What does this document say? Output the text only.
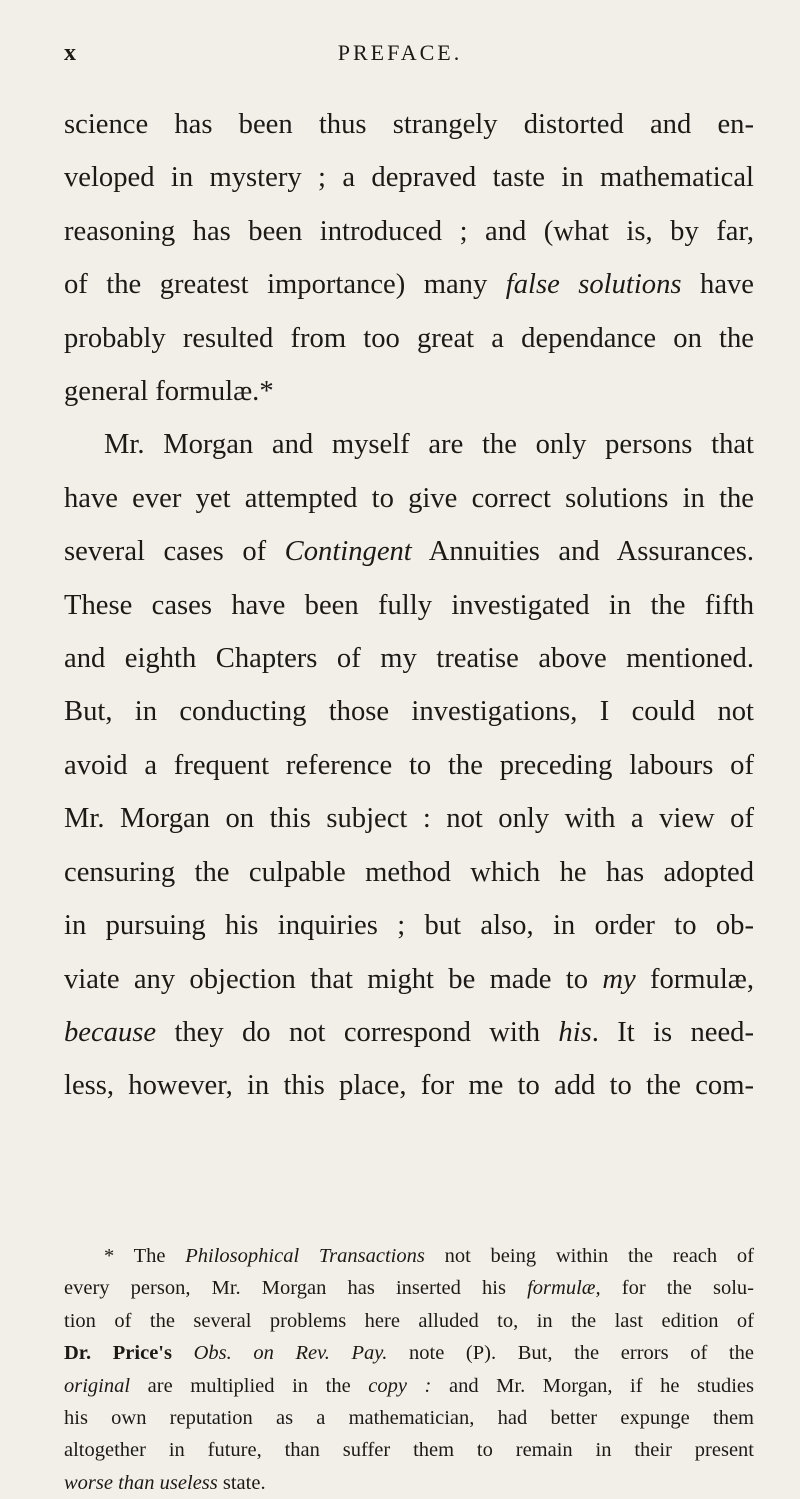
x	PREFACE.
science has been thus strangely distorted and en-
veloped in mystery ; a depraved taste in mathematical
reasoning has been introduced ; and (what is, by far,
of the greatest importance) many false solutions have
probably resulted from too great a dependance on the
general formulæ.*
Mr. Morgan and myself are the only persons that
have ever yet attempted to give correct solutions in the
several cases of Contingent Annuities and Assurances.
These cases have been fully investigated in the fifth
and eighth Chapters of my treatise above mentioned.
But, in conducting those investigations, I could not
avoid a frequent reference to the preceding labours of
Mr. Morgan on this subject : not only with a view of
censuring the culpable method which he has adopted
in pursuing his inquiries ; but also, in order to ob-
viate any objection that might be made to my formulæ,
because they do not correspond with his. It is need-
less, however, in this place, for me to add to the com-
* The Philosophical Transactions not being within the reach of
every person, Mr. Morgan has inserted his formulæ, for the solu-
tion of the several problems here alluded to, in the last edition of
Dr. Price's Obs. on Rev. Pay. note (P). But, the errors of the
original are multiplied in the copy : and Mr. Morgan, if he studies
his own reputation as a mathematician, had better expunge them
altogether in future, than suffer them to remain in their present
worse than useless state.
